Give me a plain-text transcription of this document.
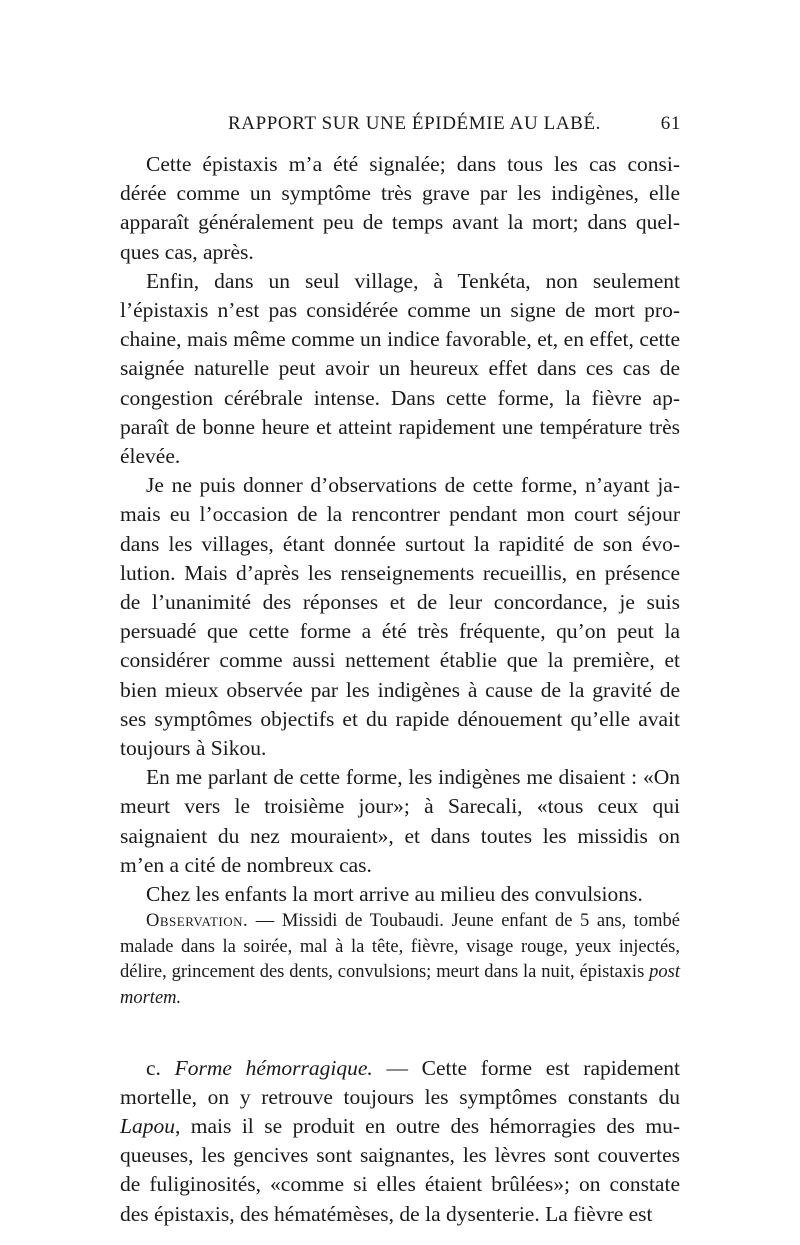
RAPPORT SUR UNE ÉPIDÉMIE AU LABÉ.	61

Cette épistaxis m’a été signalée; dans tous les cas consi- dérée comme un symptôme très grave par les indigènes, elle apparaît généralement peu de temps avant la mort; dans quel- ques cas, après.

Enfin, dans un seul village, à Tenkéta, non seulement l’épistaxis n’est pas considérée comme un signe de mort pro- chaine, mais même comme un indice favorable, et, en effet, cette saignée naturelle peut avoir un heureux effet dans ces cas de congestion cérébrale intense. Dans cette forme, la fièvre ap- paraît de bonne heure et atteint rapidement une température très élevée.

Je ne puis donner d’observations de cette forme, n’ayant ja- mais eu l’occasion de la rencontrer pendant mon court séjour dans les villages, étant donnée surtout la rapidité de son évo- lution. Mais d’après les renseignements recueillis, en présence de l’unanimité des réponses et de leur concordance, je suis persuadé que cette forme a été très fréquente, qu’on peut la considérer comme aussi nettement établie que la première, et bien mieux observée par les indigènes à cause de la gravité de ses symptômes objectifs et du rapide dénouement qu’elle avait toujours à Sikou.

En me parlant de cette forme, les indigènes me disaient : «On meurt vers le troisième jour»; à Sarecali, «tous ceux qui saignaient du nez mouraient», et dans toutes les missidis on m’en a cité de nombreux cas.

Chez les enfants la mort arrive au milieu des convulsions.

Observation. — Missidi de Toubaudi. Jeune enfant de 5 ans, tombé malade dans la soirée, mal à la tête, fièvre, visage rouge, yeux injectés, délire, grincement des dents, convulsions; meurt dans la nuit, épistaxis post mortem.

c. Forme hémorragique. — Cette forme est rapidement mortelle, on y retrouve toujours les symptômes constants du Lapou, mais il se produit en outre des hémorragies des mu- queuses, les gencives sont saignantes, les lèvres sont couvertes de fuliginosités, «comme si elles étaient brûlées»; on constate des épistaxis, des hématémèses, de la dysenterie. La fièvre est
